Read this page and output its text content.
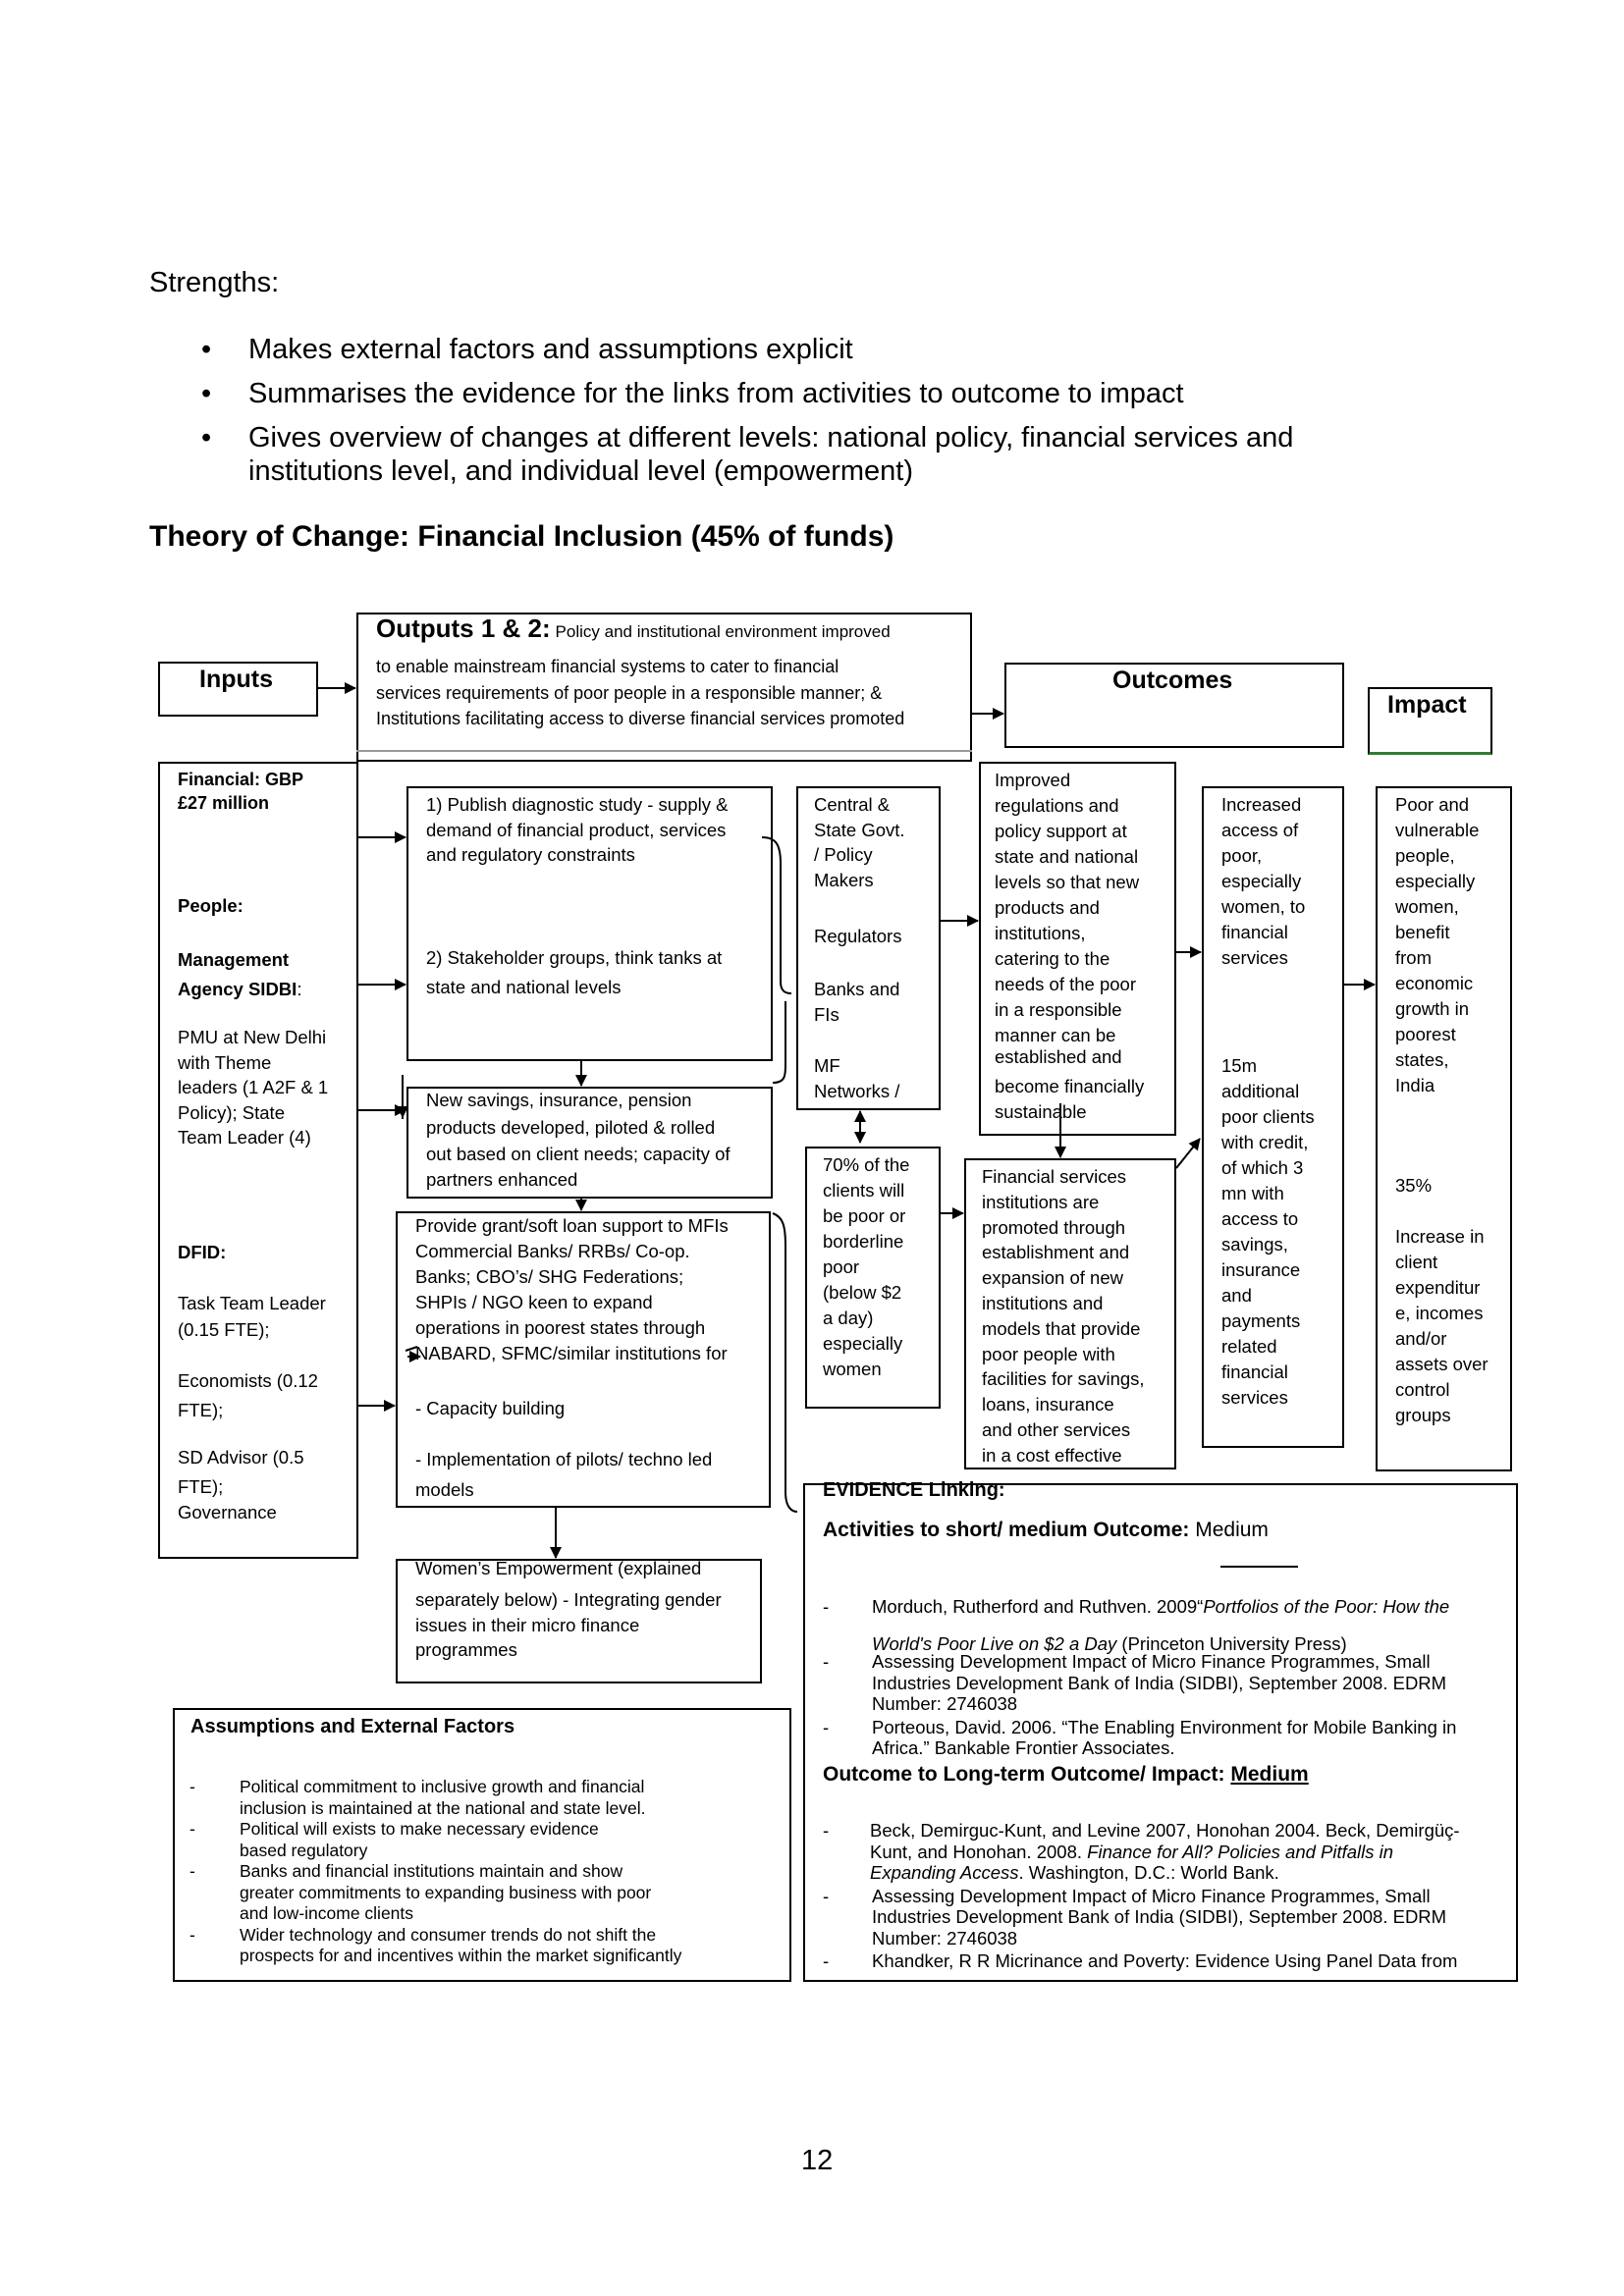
Strengths:
• Makes external factors and assumptions explicit
• Summarises the evidence for the links from activities to outcome to impact
• Gives overview of changes at different levels: national policy, financial services and institutions level, and individual level (empowerment)
Theory of Change: Financial Inclusion (45% of funds)
Inputs
Outputs 1 & 2: Policy and institutional environment improved
to enable mainstream financial systems to cater to financial
services requirements of poor people in a responsible manner; &
Institutions facilitating access to diverse financial services promoted
Outcomes
Impact
Financial: GBP
£27 million
People:
Management
Agency SIDBI:
PMU at New Delhi
with Theme
leaders (1 A2F & 1
Policy); State
Team Leader (4)
DFID:
Task Team Leader
(0.15 FTE);
Economists (0.12
FTE);
SD Advisor (0.5
FTE);
Governance
1) Publish diagnostic study - supply &
demand of financial product, services
and regulatory constraints
2) Stakeholder groups, think tanks at
state and national levels
New savings, insurance, pension
products developed, piloted & rolled
out based on client needs; capacity of
partners enhanced
Provide grant/soft loan support to MFIs
Commercial Banks/ RRBs/ Co-op.
Banks; CBO’s/ SHG Federations;
SHPIs / NGO keen to expand
operations in poorest states through
NABARD, SFMC/similar institutions for
- Capacity building
- Implementation of pilots/ techno led
models
Women’s Empowerment (explained
separately below) - Integrating gender
issues in their micro finance
programmes
Central &
State Govt.
/ Policy
Makers
Regulators
Banks and
FIs
MF
Networks /
70% of the
clients will
be poor or
borderline
poor
(below $2
a day)
especially
women
Improved
regulations and
policy support at
state and national
levels so that new
products and
institutions,
catering to the
needs of the poor
in a responsible
manner can be
established and
become financially
sustainable
Financial services
institutions are
promoted through
establishment and
expansion of new
institutions and
models that provide
poor people with
facilities for savings,
loans, insurance
and other services
in a cost effective
Increased
access of
poor,
especially
women, to
financial
services
15m
additional
poor clients
with credit,
of which 3
mn with
access to
savings,
insurance
and
payments
related
financial
services
Poor and
vulnerable
people,
especially
women,
benefit
from
economic
growth in
poorest
states,
India
35%
Increase in
client
expenditur
e, incomes
and/or
assets over
control
groups
Assumptions and External Factors
-	Political commitment to inclusive growth and financial
inclusion is maintained at the national and state level.
-	Political will exists to make necessary evidence
based regulatory
-	Banks and financial institutions maintain and show
greater commitments to expanding business with poor
and low-income clients
-	Wider technology and consumer trends do not shift the
prospects for and incentives within the market significantly
EVIDENCE Linking:
Activities to short/ medium Outcome: Medium
- Morduch, Rutherford and Ruthven. 2009“Portfolios of the Poor: How the
World's Poor Live on $2 a Day (Princeton University Press)
- Assessing Development Impact of Micro Finance Programmes, Small
Industries Development Bank of India (SIDBI), September 2008. EDRM
Number: 2746038
- Porteous, David. 2006. “The Enabling Environment for Mobile Banking in
Africa.” Bankable Frontier Associates.
Outcome to Long-term Outcome/ Impact: Medium
- Beck, Demirguc-Kunt, and Levine 2007, Honohan 2004. Beck, Demirgüç-
Kunt, and Honohan. 2008. Finance for All? Policies and Pitfalls in
Expanding Access. Washington, D.C.: World Bank.
- Assessing Development Impact of Micro Finance Programmes, Small
Industries Development Bank of India (SIDBI), September 2008. EDRM
Number: 2746038
- Khandker, R R Micrinance and Poverty: Evidence Using Panel Data from
12
